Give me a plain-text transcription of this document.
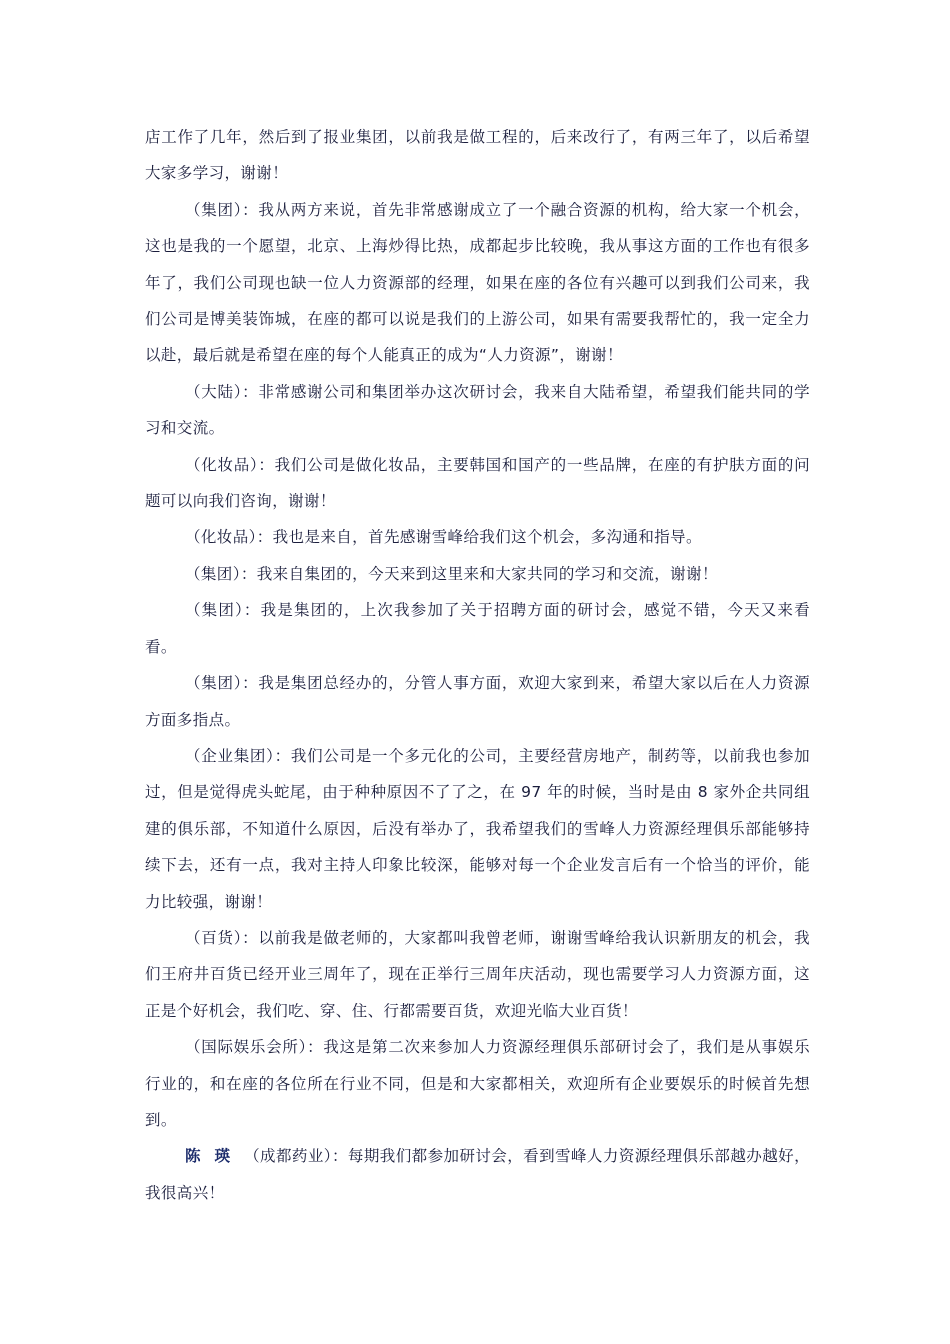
店工作了几年，然后到了报业集团，以前我是做工程的，后来改行了，有两三年了，以后希望大家多学习，谢谢！

（集团）：我从两方来说，首先非常感谢成立了一个融合资源的机构，给大家一个机会，这也是我的一个愿望，北京、上海炒得比热，成都起步比较晚，我从事这方面的工作也有很多年了，我们公司现也缺一位人力资源部的经理，如果在座的各位有兴趣可以到我们公司来，我们公司是博美装饰城，在座的都可以说是我们的上游公司，如果有需要我帮忙的，我一定全力以赴，最后就是希望在座的每个人能真正的成为“人力资源”，谢谢！

（大陆）：非常感谢公司和集团举办这次研讨会，我来自大陆希望，希望我们能共同的学习和交流。

（化妆品）：我们公司是做化妆品，主要韩国和国产的一些品牌，在座的有护肤方面的问题可以向我们咨询，谢谢！

（化妆品）：我也是来自，首先感谢雪峰给我们这个机会，多沟通和指导。

（集团）：我来自集团的，今天来到这里来和大家共同的学习和交流，谢谢！

（集团）：我是集团的，上次我参加了关于招聘方面的研讨会，感觉不错，今天又来看看。

（集团）：我是集团总经办的，分管人事方面，欢迎大家到来，希望大家以后在人力资源方面多指点。

（企业集团）：我们公司是一个多元化的公司，主要经营房地产，制药等，以前我也参加过，但是觉得虎头蛇尾，由于种种原因不了了之，在 97 年的时候，当时是由 8 家外企共同组建的俱乐部，不知道什么原因，后没有举办了，我希望我们的雪峰人力资源经理俱乐部能够持续下去，还有一点，我对主持人印象比较深，能够对每一个企业发言后有一个恰当的评价，能力比较强，谢谢！

（百货）：以前我是做老师的，大家都叫我曾老师，谢谢雪峰给我认识新朋友的机会，我们王府井百货已经开业三周年了，现在正举行三周年庆活动，现也需要学习人力资源方面，这正是个好机会，我们吃、穿、住、行都需要百货，欢迎光临大业百货！

（国际娱乐会所）：我这是第二次来参加人力资源经理俱乐部研讨会了，我们是从事娱乐行业的，和在座的各位所在行业不同，但是和大家都相关，欢迎所有企业要娱乐的时候首先想到。

陈瑛（成都药业）：每期我们都参加研讨会，看到雪峰人力资源经理俱乐部越办越好，我很高兴！
